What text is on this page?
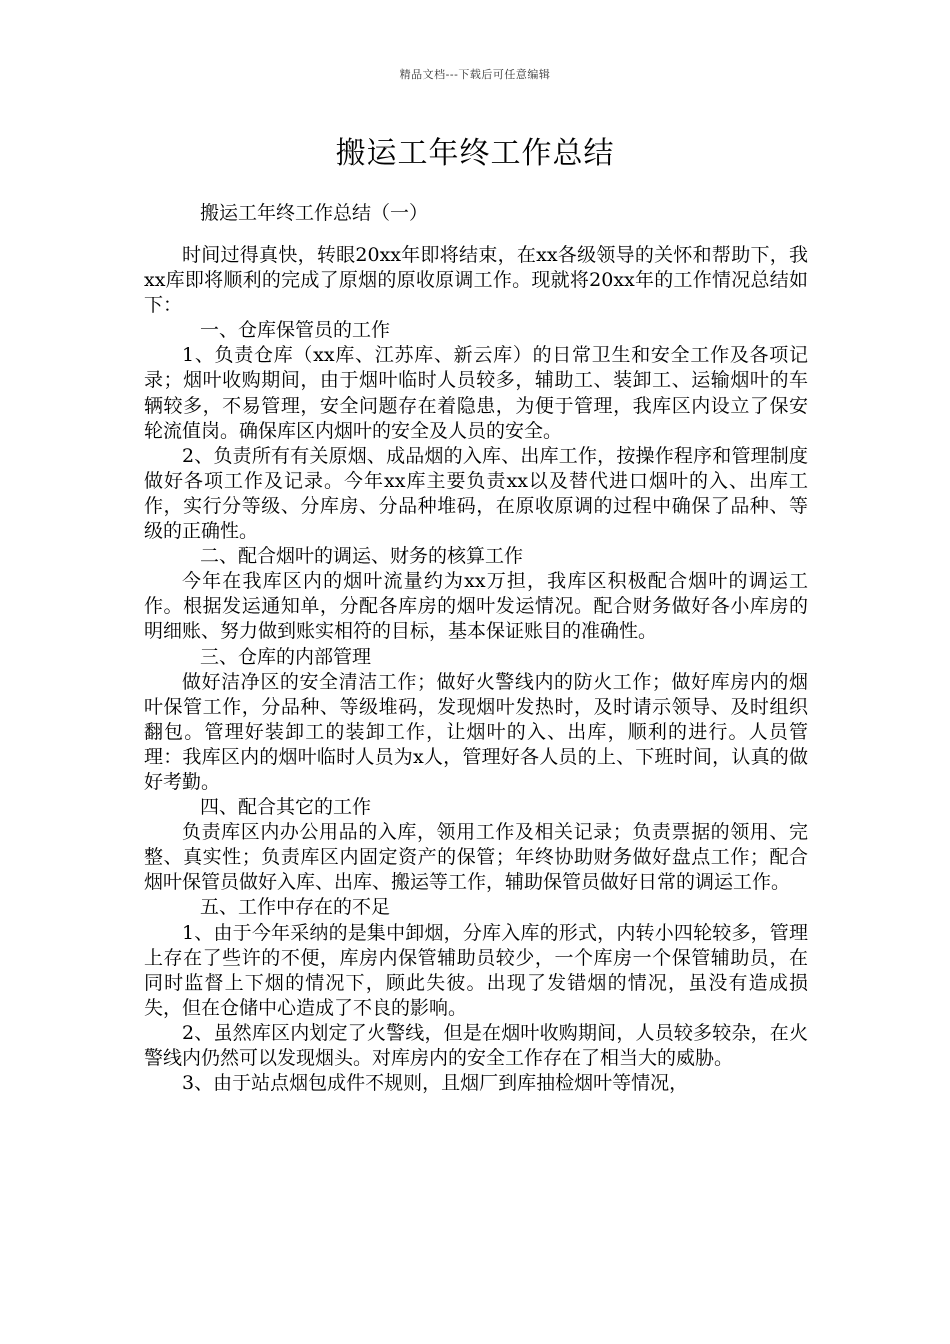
精品文档---下载后可任意编辑
搬运工年终工作总结

搬运工年终工作总结（一）

时间过得真快，转眼20xx年即将结束，在xx各级领导的关怀和帮助下，我xx库即将顺利的完成了原烟的原收原调工作。现就将20xx年的工作情况总结如下：

一、仓库保管员的工作

1、负责仓库（xx库、江苏库、新云库）的日常卫生和安全工作及各项记录；烟叶收购期间，由于烟叶临时人员较多，辅助工、装卸工、运输烟叶的车辆较多，不易管理，安全问题存在着隐患，为便于管理，我库区内设立了保安轮流值岗。确保库区内烟叶的安全及人员的安全。

2、负责所有有关原烟、成品烟的入库、出库工作，按操作程序和管理制度做好各项工作及记录。今年xx库主要负责xx以及替代进口烟叶的入、出库工作，实行分等级、分库房、分品种堆码，在原收原调的过程中确保了品种、等级的正确性。

二、配合烟叶的调运、财务的核算工作

今年在我库区内的烟叶流量约为xx万担，我库区积极配合烟叶的调运工作。根据发运通知单，分配各库房的烟叶发运情况。配合财务做好各小库房的明细账、努力做到账实相符的目标，基本保证账目的准确性。

三、仓库的内部管理

做好洁净区的安全清洁工作；做好火警线内的防火工作；做好库房内的烟叶保管工作，分品种、等级堆码，发现烟叶发热时，及时请示领导、及时组织翻包。管理好装卸工的装卸工作，让烟叶的入、出库，顺利的进行。人员管理：我库区内的烟叶临时人员为x人，管理好各人员的上、下班时间，认真的做好考勤。

四、配合其它的工作

负责库区内办公用品的入库，领用工作及相关记录；负责票据的领用、完整、真实性；负责库区内固定资产的保管；年终协助财务做好盘点工作；配合烟叶保管员做好入库、出库、搬运等工作，辅助保管员做好日常的调运工作。

五、工作中存在的不足

1、由于今年采纳的是集中卸烟，分库入库的形式，内转小四轮较多，管理上存在了些许的不便，库房内保管辅助员较少，一个库房一个保管辅助员，在同时监督上下烟的情况下，顾此失彼。出现了发错烟的情况，虽没有造成损失，但在仓储中心造成了不良的影响。

2、虽然库区内划定了火警线，但是在烟叶收购期间，人员较多较杂，在火警线内仍然可以发现烟头。对库房内的安全工作存在了相当大的威胁。

3、由于站点烟包成件不规则，且烟厂到库抽检烟叶等情况，
